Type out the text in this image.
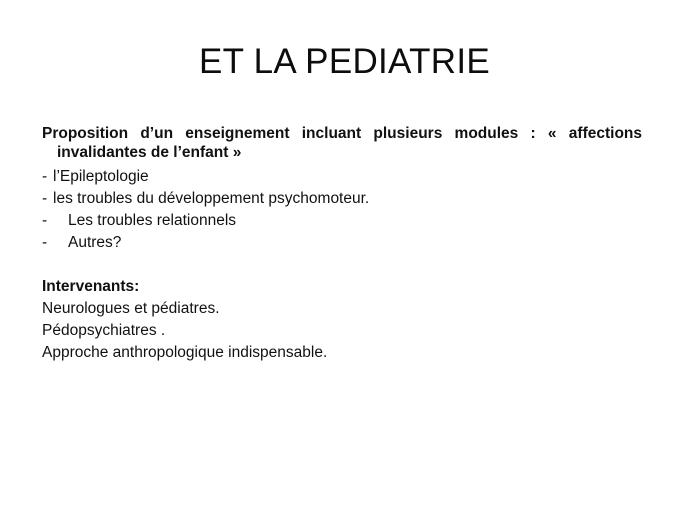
ET LA PEDIATRIE
Proposition d’un enseignement incluant plusieurs modules : « affections invalidantes de l’enfant »
- l’Epileptologie
- les troubles du développement psychomoteur.
- Les troubles relationnels
- Autres?
Intervenants:
Neurologues et pédiatres.
Pédopsychiatres .
Approche anthropologique indispensable.
